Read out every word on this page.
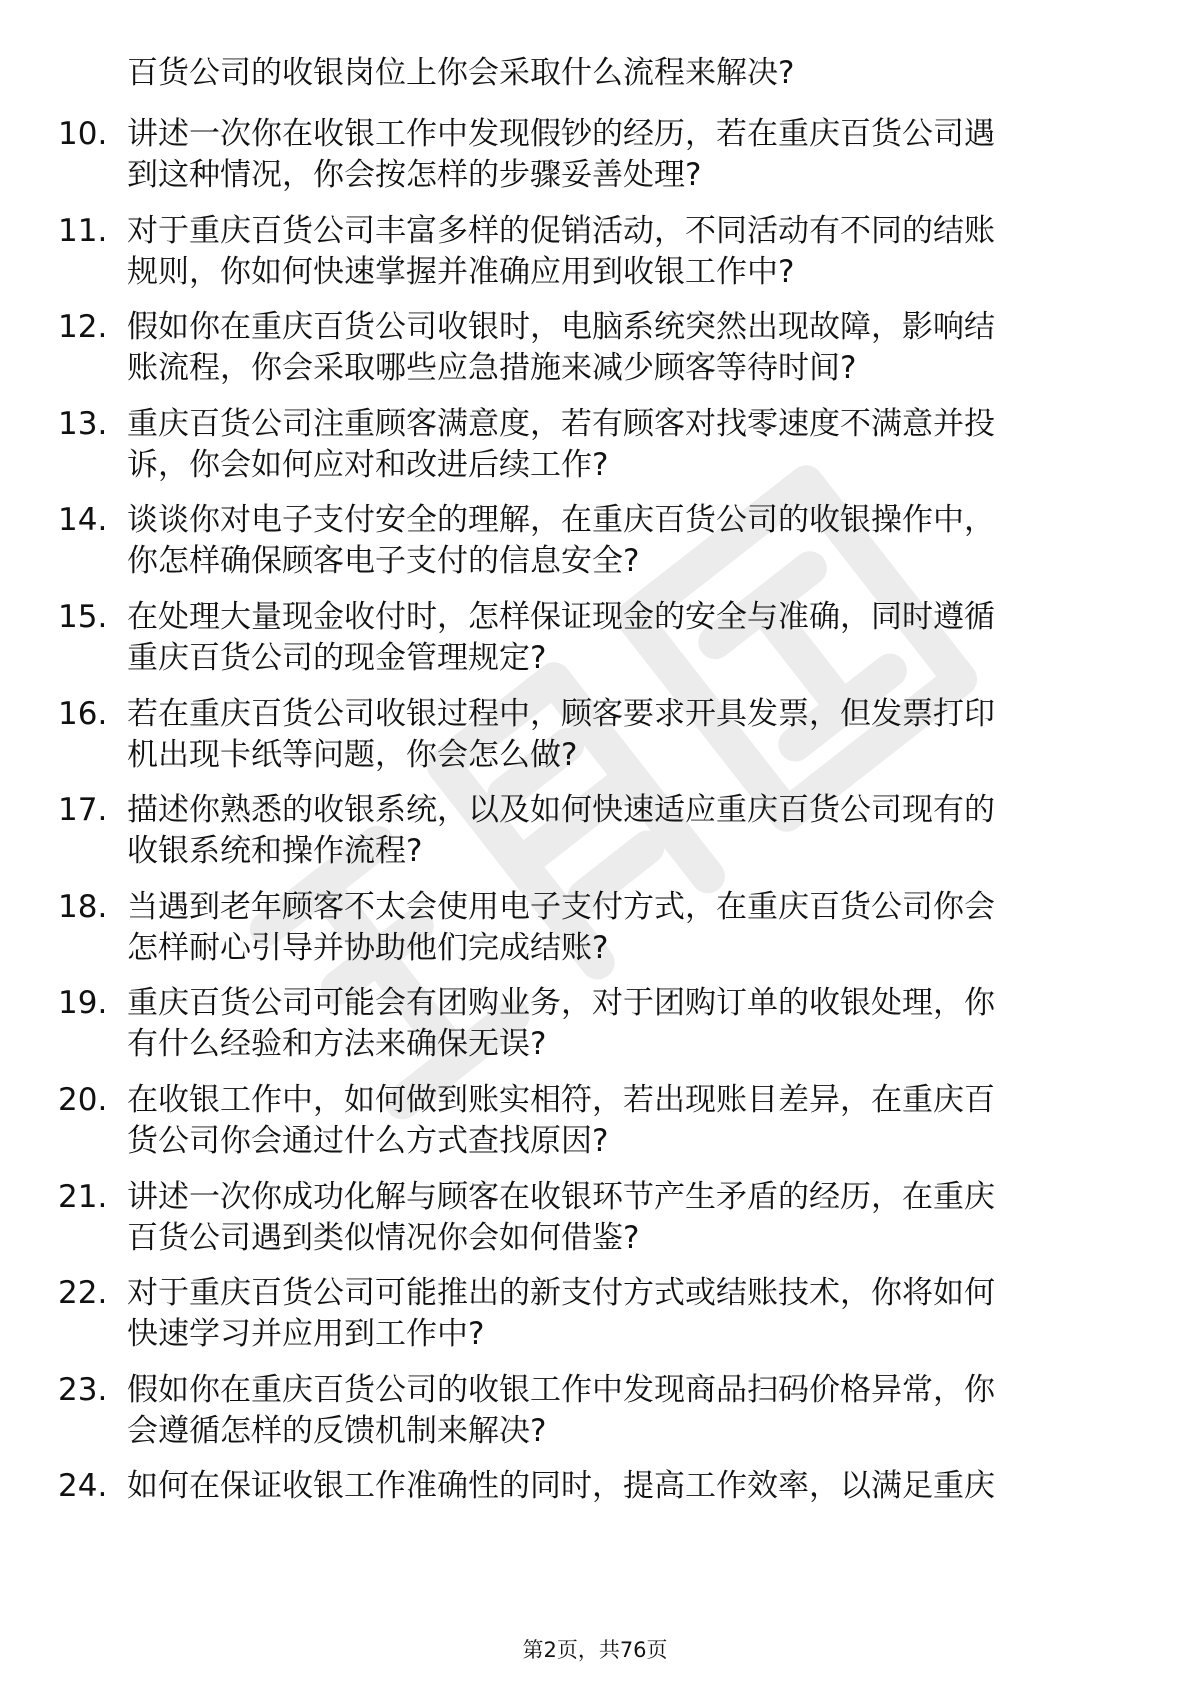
百货公司的收银岗位上你会采取什么流程来解决?
10. 讲述一次你在收银工作中发现假钞的经历，若在重庆百货公司遇
到这种情况，你会按怎样的步骤妥善处理?
11. 对于重庆百货公司丰富多样的促销活动，不同活动有不同的结账
规则，你如何快速掌握并准确应用到收银工作中?
12. 假如你在重庆百货公司收银时，电脑系统突然出现故障，影响结
账流程，你会采取哪些应急措施来减少顾客等待时间?
13. 重庆百货公司注重顾客满意度，若有顾客对找零速度不满意并投
诉，你会如何应对和改进后续工作?
14. 谈谈你对电子支付安全的理解，在重庆百货公司的收银操作中，
你怎样确保顾客电子支付的信息安全?
15. 在处理大量现金收付时，怎样保证现金的安全与准确，同时遵循
重庆百货公司的现金管理规定?
16. 若在重庆百货公司收银过程中，顾客要求开具发票，但发票打印
机出现卡纸等问题，你会怎么做?
17. 描述你熟悉的收银系统，以及如何快速适应重庆百货公司现有的
收银系统和操作流程?
18. 当遇到老年顾客不太会使用电子支付方式，在重庆百货公司你会
怎样耐心引导并协助他们完成结账?
19. 重庆百货公司可能会有团购业务，对于团购订单的收银处理，你
有什么经验和方法来确保无误?
20. 在收银工作中，如何做到账实相符，若出现账目差异，在重庆百
货公司你会通过什么方式查找原因?
21. 讲述一次你成功化解与顾客在收银环节产生矛盾的经历，在重庆
百货公司遇到类似情况你会如何借鉴?
22. 对于重庆百货公司可能推出的新支付方式或结账技术，你将如何
快速学习并应用到工作中?
23. 假如你在重庆百货公司的收银工作中发现商品扫码价格异常，你
会遵循怎样的反馈机制来解决?
24. 如何在保证收银工作准确性的同时，提高工作效率，以满足重庆
第2页，共76页
